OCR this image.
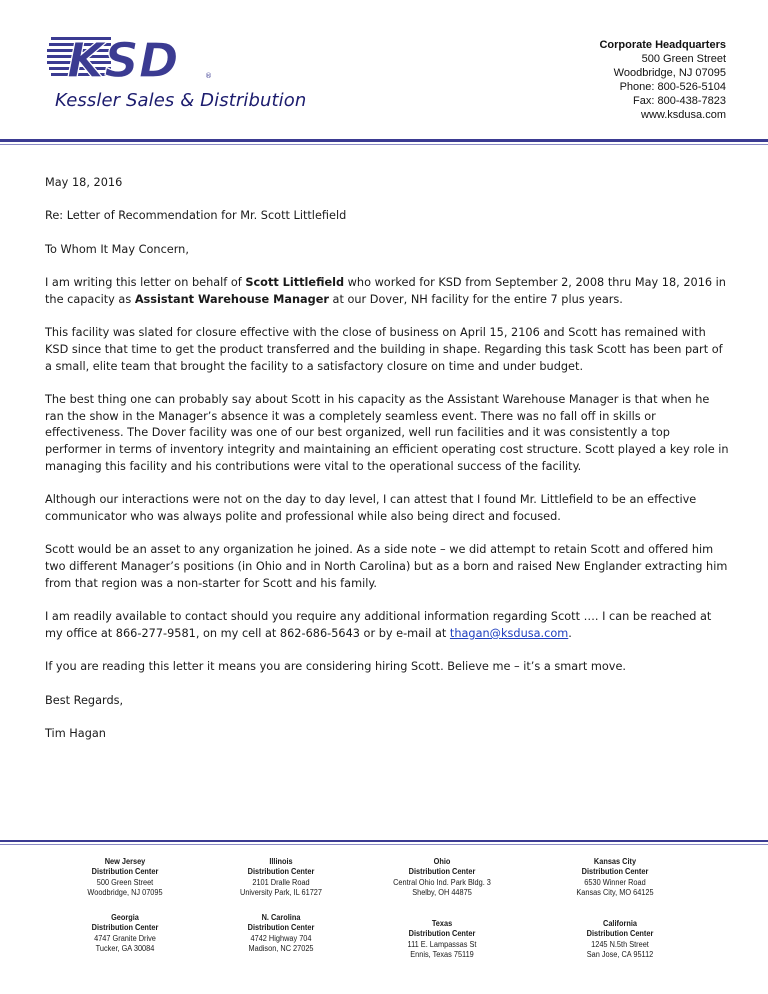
KSD	®
Kessler Sales & Distribution
Corporate Headquarters
500 Green Street
Woodbridge, NJ 07095
Phone: 800-526-5104
Fax: 800-438-7823
www.ksdusa.com

May 18, 2016

Re: Letter of Recommendation for Mr. Scott Littlefield

To Whom It May Concern,

I am writing this letter on behalf of Scott Littlefield who worked for KSD from September 2, 2008 thru May 18, 2016 in the capacity as Assistant Warehouse Manager at our Dover, NH facility for the entire 7 plus years.

This facility was slated for closure effective with the close of business on April 15, 2106 and Scott has remained with KSD since that time to get the product transferred and the building in shape. Regarding this task Scott has been part of a small, elite team that brought the facility to a satisfactory closure on time and under budget.

The best thing one can probably say about Scott in his capacity as the Assistant Warehouse Manager is that when he ran the show in the Manager’s absence it was a completely seamless event. There was no fall off in skills or effectiveness. The Dover facility was one of our best organized, well run facilities and it was consistently a top performer in terms of inventory integrity and maintaining an efficient operating cost structure. Scott played a key role in managing this facility and his contributions were vital to the operational success of the facility.

Although our interactions were not on the day to day level, I can attest that I found Mr. Littlefield to be an effective communicator who was always polite and professional while also being direct and focused.

Scott would be an asset to any organization he joined. As a side note – we did attempt to retain Scott and offered him two different Manager’s positions (in Ohio and in North Carolina) but as a born and raised New Englander extracting him from that region was a non-starter for Scott and his family.

I am readily available to contact should you require any additional information regarding Scott …. I can be reached at my office at 866-277-9581, on my cell at 862-686-5643 or by e-mail at thagan@ksdusa.com.

If you are reading this letter it means you are considering hiring Scott. Believe me – it’s a smart move.

Best Regards,

Tim Hagan

New Jersey
Distribution Center
500 Green Street
Woodbridge, NJ 07095
Illinois
Distribution Center
2101 Dralle Road
University Park, IL 61727
Ohio
Distribution Center
Central Ohio Ind. Park Bldg. 3
Shelby, OH 44875
Kansas City
Distribution Center
6530 Winner Road
Kansas City, MO 64125
Georgia
Distribution Center
4747 Granite Drive
Tucker, GA 30084
N. Carolina
Distribution Center
4742 Highway 704
Madison, NC 27025
Texas
Distribution Center
111 E. Lampassas St
Ennis, Texas 75119
California
Distribution Center
1245 N.5th Street
San Jose, CA 95112
